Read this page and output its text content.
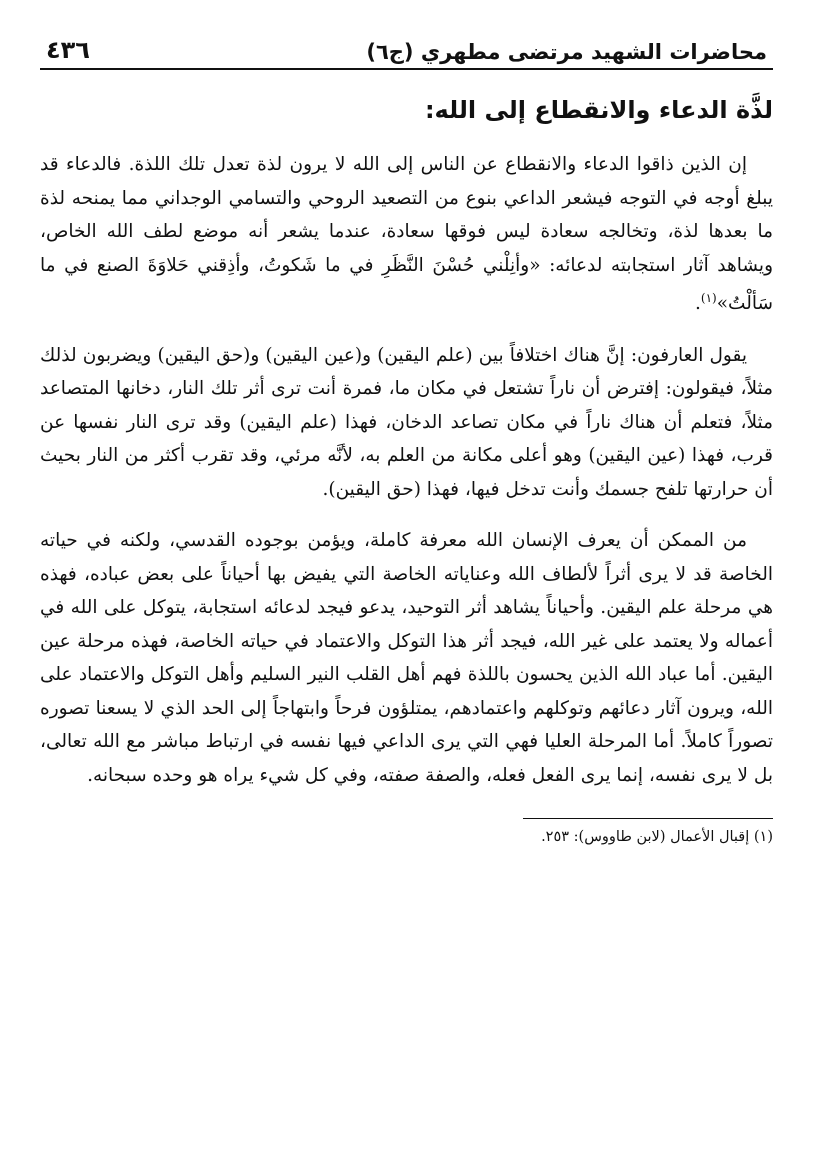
محاضرات الشهيد مرتضى مطهري (ج٦)
٤٣٦
لذَّة الدعاء والانقطاع إلى الله:

إن الذين ذاقوا الدعاء والانقطاع عن الناس إلى الله لا يرون لذة تعدل تلك اللذة. فالدعاء قد يبلغ أوجه في التوجه فيشعر الداعي بنوع من التصعيد الروحي والتسامي الوجداني مما يمنحه لذة ما بعدها لذة، وتخالجه سعادة ليس فوقها سعادة، عندما يشعر أنه موضع لطف الله الخاص، ويشاهد آثار استجابته لدعائه: «وأنِلْني حُسْنَ النَّظَرِ في ما شَكوتُ، وأذِقني حَلاوَةَ الصنع في ما سَألْتُ»$^{(١)}$.

يقول العارفون: إنَّ هناك اختلافاً بين (علم اليقين) و(عين اليقين) و(حق اليقين) ويضربون لذلك مثلاً، فيقولون: إفترض أن ناراً تشتعل في مكان ما، فمرة أنت ترى أثر تلك النار، دخانها المتصاعد مثلاً، فتعلم أن هناك ناراً في مكان تصاعد الدخان، فهذا (علم اليقين) وقد ترى النار نفسها عن قرب، فهذا (عين اليقين) وهو أعلى مكانة من العلم به، لأنَّه مرئي، وقد تقرب أكثر من النار بحيث أن حرارتها تلفح جسمك وأنت تدخل فيها، فهذا (حق اليقين).

من الممكن أن يعرف الإنسان الله معرفة كاملة، ويؤمن بوجوده القدسي، ولكنه في حياته الخاصة قد لا يرى أثراً لألطاف الله وعناياته الخاصة التي يفيض بها أحياناً على بعض عباده، فهذه هي مرحلة علم اليقين. وأحياناً يشاهد أثر التوحيد، يدعو فيجد لدعائه استجابة، يتوكل على الله في أعماله ولا يعتمد على غير الله، فيجد أثر هذا التوكل والاعتماد في حياته الخاصة، فهذه مرحلة عين اليقين. أما عباد الله الذين يحسون باللذة فهم أهل القلب النير السليم وأهل التوكل والاعتماد على الله، ويرون آثار دعائهم وتوكلهم واعتمادهم، يمتلؤون فرحاً وابتهاجاً إلى الحد الذي لا يسعنا تصوره تصوراً كاملاً. أما المرحلة العليا فهي التي يرى الداعي فيها نفسه في ارتباط مباشر مع الله تعالى، بل لا يرى نفسه، إنما يرى الفعل فعله، والصفة صفته، وفي كل شيء يراه هو وحده سبحانه.

(١) إقبال الأعمال (لابن طاووس): ٢٥٣.
